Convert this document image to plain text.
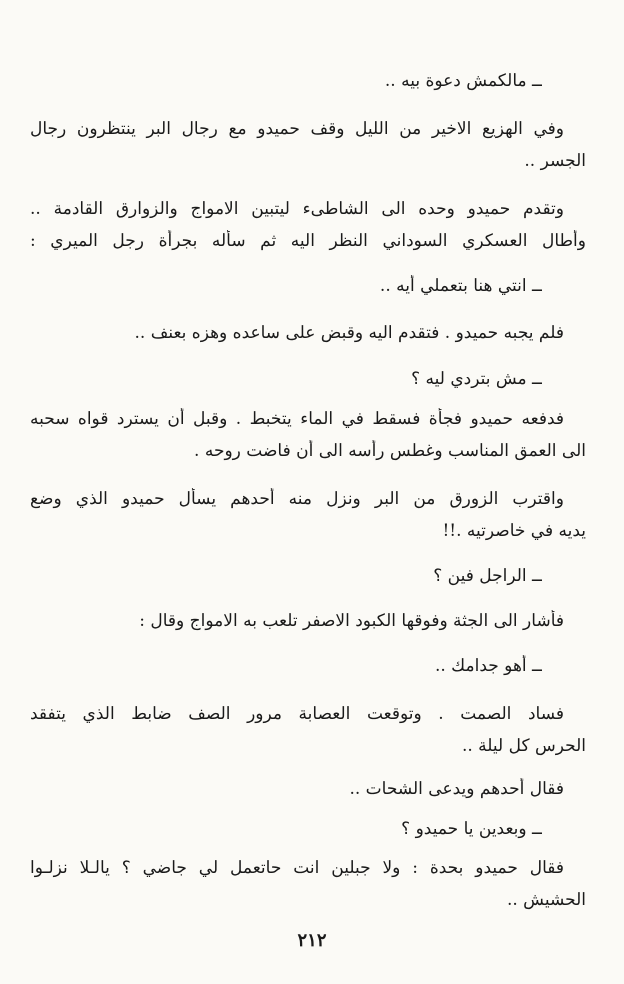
ــ مالكمش دعوة بيه ..
وفي الهزيع الاخير من الليل وقف حميدو مع رجال البر ينتظرون رجال
الجسر ..
وتقدم حميدو وحده الى الشاطىء ليتبين الامواج والزوارق القادمة ..
وأطال العسكري السوداني النظر اليه ثم سأله بجرأة رجل الميري :
ــ انتي هنا بتعملي أيه ..
فلم يجبه حميدو . فتقدم اليه وقبض على ساعده وهزه بعنف ..
ــ مش بتردي ليه ؟
فدفعه حميدو فجأة فسقط في الماء يتخبط . وقبل أن يسترد قواه سحبه
الى العمق المناسب وغطس رأسه الى أن فاضت روحه .
واقترب الزورق من البر ونزل منه أحدهم يسأل حميدو الذي وضع
يديه في خاصرتيه .!!
ــ الراجل فين ؟
فأشار الى الجثة وفوقها الكبود الاصفر تلعب به الامواج وقال :
ــ أهو جدامك ..
فساد الصمت . وتوقعت العصابة مرور الصف ضابط الذي يتفقد
الحرس كل ليلة ..
فقال أحدهم ويدعى الشحات ..
ــ وبعدين يا حميدو ؟
فقال حميدو بحدة : ولا جبلين انت حاتعمل لي جاضي ؟ يالـلا نزلـوا
الحشيش ..
٢١٢
